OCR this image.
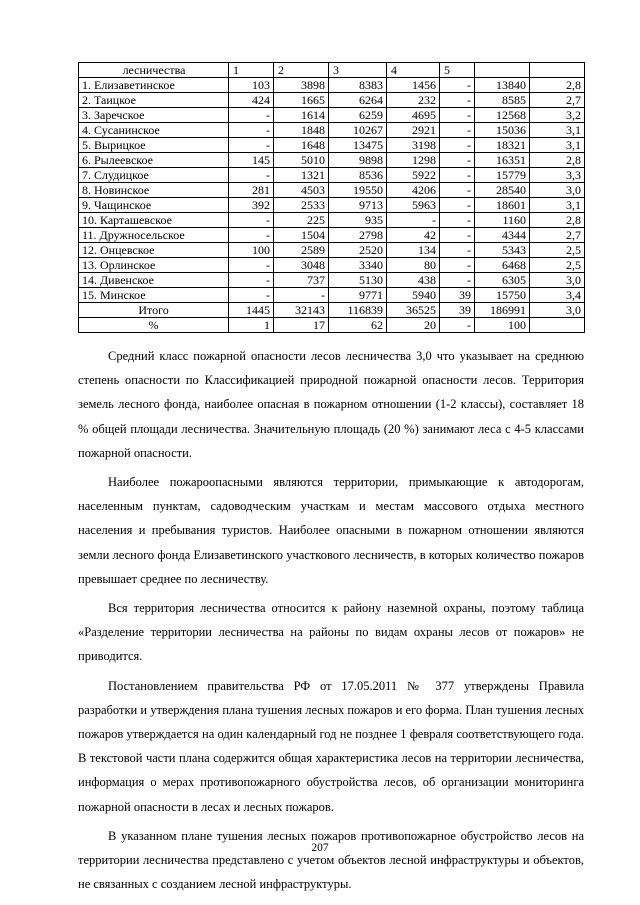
лесничества	1	2	3	4	5		
1. Елизаветинское	103	3898	8383	1456	-	13840	2,8
2. Таицкое	424	1665	6264	232	-	8585	2,7
3. Заречское	-	1614	6259	4695	-	12568	3,2
4. Сусанинское	-	1848	10267	2921	-	15036	3,1
5. Вырицкое	-	1648	13475	3198	-	18321	3,1
6. Рылеевское	145	5010	9898	1298	-	16351	2,8
7. Слудицкое	-	1321	8536	5922	-	15779	3,3
8. Новинское	281	4503	19550	4206	-	28540	3,0
9. Чащинское	392	2533	9713	5963	-	18601	3,1
10. Карташевское	-	225	935	-	-	1160	2,8
11. Дружносельское	-	1504	2798	42	-	4344	2,7
12. Онцевское	100	2589	2520	134	-	5343	2,5
13. Орлинское	-	3048	3340	80	-	6468	2,5
14. Дивенское	-	737	5130	438	-	6305	3,0
15. Минское	-	-	9771	5940	39	15750	3,4
Итого	1445	32143	116839	36525	39	186991	3,0
%	1	17	62	20	-	100	

Средний класс пожарной опасности лесов лесничества 3,0 что указывает на среднюю степень опасности по Классификацией природной пожарной опасности лесов. Территория земель лесного фонда, наиболее опасная в пожарном отношении (1-2 классы), составляет 18 % общей площади лесничества. Значительную площадь (20 %) занимают леса с 4-5 классами пожарной опасности.

Наиболее пожароопасными являются территории, примыкающие к автодорогам, населенным пунктам, садоводческим участкам и местам массового отдыха местного населения и пребывания туристов. Наиболее опасными в пожарном отношении являются земли лесного фонда Елизаветинского участкового лесничеств, в которых количество пожаров превышает среднее по лесничеству.

Вся территория лесничества относится к району наземной охраны, поэтому таблица «Разделение территории лесничества на районы по видам охраны лесов от пожаров» не приводится.

Постановлением правительства РФ от 17.05.2011 № 377 утверждены Правила разработки и утверждения плана тушения лесных пожаров и его форма. План тушения лесных пожаров утверждается на один календарный год не позднее 1 февраля соответствующего года. В текстовой части плана содержится общая характеристика лесов на территории лесничества, информация о мерах противопожарного обустройства лесов, об организации мониторинга пожарной опасности в лесах и лесных пожаров.

В указанном плане тушения лесных пожаров противопожарное обустройство лесов на территории лесничества представлено с учетом объектов лесной инфраструктуры и объектов, не связанных с созданием лесной инфраструктуры.

207
